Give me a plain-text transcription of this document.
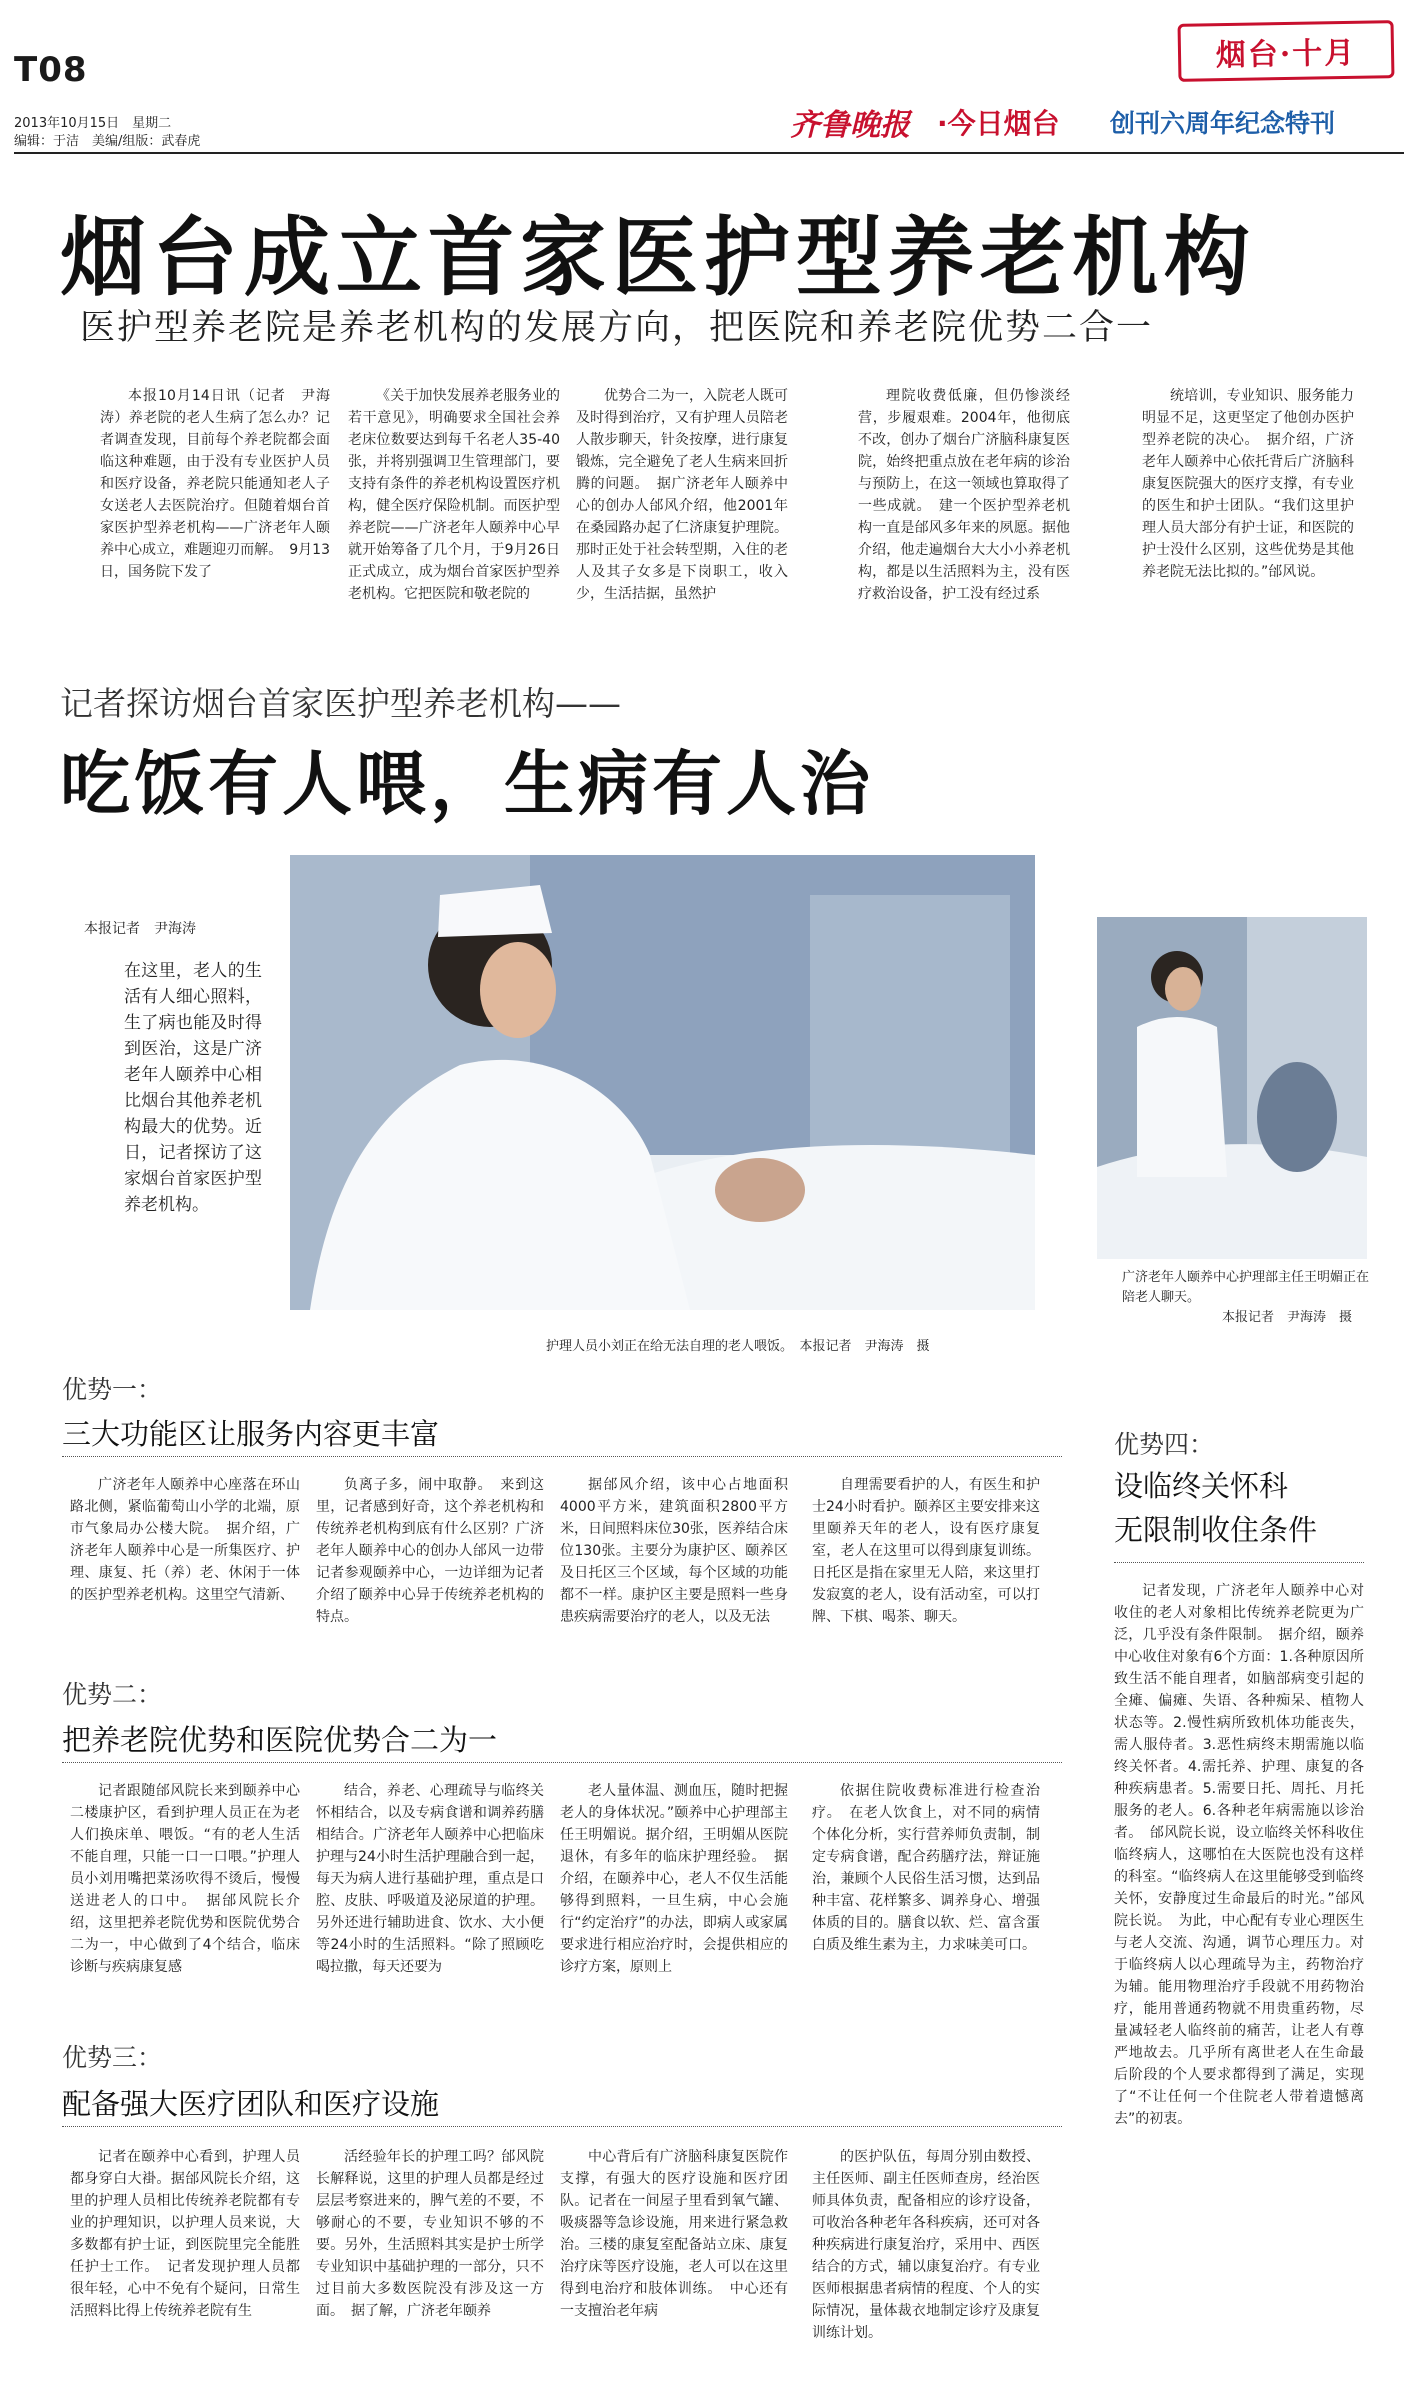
T08
2013年10月15日　星期二
编辑：于洁　美编/组版：武春虎
烟台·十月
齐鲁晚报 ·今日烟台 创刊六周年纪念特刊
烟台成立首家医护型养老机构
医护型养老院是养老机构的发展方向，把医院和养老院优势二合一

本报10月14日讯（记者　尹海涛）养老院的老人生病了怎么办？记者调查发现，目前每个养老院都会面临这种难题，由于没有专业医护人员和医疗设备，养老院只能通知老人子女送老人去医院治疗。但随着烟台首家医护型养老机构——广济老年人颐养中心成立，难题迎刃而解。　9月13日，国务院下发了

《关于加快发展养老服务业的若干意见》，明确要求全国社会养老床位数要达到每千名老人35-40张，并将别强调卫生管理部门，要支持有条件的养老机构设置医疗机构，健全医疗保险机制。而医护型养老院——广济老年人颐养中心早就开始筹备了几个月，于9月26日正式成立，成为烟台首家医护型养老机构。它把医院和敬老院的

优势合二为一，入院老人既可及时得到治疗，又有护理人员陪老人散步聊天，针灸按摩，进行康复锻炼，完全避免了老人生病来回折腾的问题。　据广济老年人颐养中心的创办人邰风介绍，他2001年在桑园路办起了仁济康复护理院。那时正处于社会转型期，入住的老人及其子女多是下岗职工，收入少，生活拮据，虽然护

理院收费低廉，但仍惨淡经营，步履艰难。2004年，他彻底不改，创办了烟台广济脑科康复医院，始终把重点放在老年病的诊治与预防上，在这一领域也算取得了一些成就。　建一个医护型养老机构一直是邰风多年来的夙愿。据他介绍，他走遍烟台大大小小养老机构，都是以生活照料为主，没有医疗救治设备，护工没有经过系

统培训，专业知识、服务能力明显不足，这更坚定了他创办医护型养老院的决心。　据介绍，广济老年人颐养中心依托背后广济脑科康复医院强大的医疗支撑，有专业的医生和护士团队。“我们这里护理人员大部分有护士证，和医院的护士没什么区别，这些优势是其他养老院无法比拟的。”邰风说。

记者探访烟台首家医护型养老机构——
吃饭有人喂，生病有人治
本报记者　尹海涛
在这里，老人的生活有人细心照料，生了病也能及时得到医治，这是广济老年人颐养中心相比烟台其他养老机构最大的优势。近日，记者探访了这家烟台首家医护型养老机构。
护理人员小刘正在给无法自理的老人喂饭。　本报记者　尹海涛　摄
广济老年人颐养中心护理部主任王明媚正在陪老人聊天。
本报记者　尹海涛　摄
优势一：
三大功能区让服务内容更丰富

广济老年人颐养中心座落在环山路北侧，紧临葡萄山小学的北端，原市气象局办公楼大院。　据介绍，广济老年人颐养中心是一所集医疗、护理、康复、托（养）老、休闲于一体的医护型养老机构。这里空气清新、

负离子多，闹中取静。　来到这里，记者感到好奇，这个养老机构和传统养老机构到底有什么区别？广济老年人颐养中心的创办人邰风一边带记者参观颐养中心，一边详细为记者介绍了颐养中心异于传统养老机构的特点。

据邰风介绍，该中心占地面积4000平方米，建筑面积2800平方米，日间照料床位30张，医养结合床位130张。主要分为康护区、颐养区及日托区三个区域，每个区域的功能都不一样。康护区主要是照料一些身患疾病需要治疗的老人，以及无法

自理需要看护的人，有医生和护士24小时看护。颐养区主要安排来这里颐养天年的老人，设有医疗康复室，老人在这里可以得到康复训练。日托区是指在家里无人陪，来这里打发寂寞的老人，设有活动室，可以打牌、下棋、喝茶、聊天。

优势二：
把养老院优势和医院优势合二为一

记者跟随邰风院长来到颐养中心二楼康护区，看到护理人员正在为老人们换床单、喂饭。“有的老人生活不能自理，只能一口一口喂。”护理人员小刘用嘴把菜汤吹得不烫后，慢慢送进老人的口中。　据邰风院长介绍，这里把养老院优势和医院优势合二为一，中心做到了4个结合，临床诊断与疾病康复感

结合，养老、心理疏导与临终关怀相结合，以及专病食谱和调养药膳相结合。广济老年人颐养中心把临床护理与24小时生活护理融合到一起，每天为病人进行基础护理，重点是口腔、皮肤、呼吸道及泌尿道的护理。另外还进行辅助进食、饮水、大小便等24小时的生活照料。“除了照顾吃喝拉撒，每天还要为

老人量体温、测血压，随时把握老人的身体状况。”颐养中心护理部主任王明媚说。据介绍，王明媚从医院退休，有多年的临床护理经验。　据介绍，在颐养中心，老人不仅生活能够得到照料，一旦生病，中心会施行“约定治疗”的办法，即病人或家属要求进行相应治疗时，会提供相应的诊疗方案，原则上

依据住院收费标准进行检查治疗。　在老人饮食上，对不同的病情个体化分析，实行营养师负责制，制定专病食谱，配合药膳疗法，辩证施治，兼顾个人民俗生活习惯，达到品种丰富、花样繁多、调养身心、增强体质的目的。膳食以软、烂、富含蛋白质及维生素为主，力求味美可口。

优势三：
配备强大医疗团队和医疗设施

记者在颐养中心看到，护理人员都身穿白大褂。据邰风院长介绍，这里的护理人员相比传统养老院都有专业的护理知识，以护理人员来说，大多数都有护士证，到医院里完全能胜任护士工作。　记者发现护理人员都很年轻，心中不免有个疑问，日常生活照料比得上传统养老院有生

活经验年长的护理工吗？邰风院长解释说，这里的护理人员都是经过层层考察进来的，脾气差的不要，不够耐心的不要，专业知识不够的不要。另外，生活照料其实是护士所学专业知识中基础护理的一部分，只不过目前大多数医院没有涉及这一方面。　据了解，广济老年颐养

中心背后有广济脑科康复医院作支撑，有强大的医疗设施和医疗团队。记者在一间屋子里看到氧气罐、吸痰器等急诊设施，用来进行紧急救治。三楼的康复室配备站立床、康复治疗床等医疗设施，老人可以在这里得到电治疗和肢体训练。　中心还有一支擅治老年病

的医护队伍，每周分别由数授、主任医师、副主任医师查房，经治医师具体负责，配备相应的诊疗设备，可收治各种老年各科疾病，还可对各种疾病进行康复治疗，采用中、西医结合的方式，辅以康复治疗。有专业医师根据患者病情的程度、个人的实际情况，量体裁衣地制定诊疗及康复训练计划。

优势四：
设临终关怀科
无限制收住条件

记者发现，广济老年人颐养中心对收住的老人对象相比传统养老院更为广泛，几乎没有条件限制。　据介绍，颐养中心收住对象有6个方面：1.各种原因所致生活不能自理者，如脑部病变引起的全瘫、偏瘫、失语、各种痴呆、植物人状态等。2.慢性病所致机体功能丧失，需人服侍者。3.恶性病终末期需施以临终关怀者。4.需托养、护理、康复的各种疾病患者。5.需要日托、周托、月托服务的老人。6.各种老年病需施以诊治者。　邰风院长说，设立临终关怀科收住临终病人，这哪怕在大医院也没有这样的科室。“临终病人在这里能够受到临终关怀，安静度过生命最后的时光。”邰风院长说。　为此，中心配有专业心理医生与老人交流、沟通，调节心理压力。对于临终病人以心理疏导为主，药物治疗为辅。能用物理治疗手段就不用药物治疗，能用普通药物就不用贵重药物，尽量减轻老人临终前的痛苦，让老人有尊严地故去。几乎所有离世老人在生命最后阶段的个人要求都得到了满足，实现了“不让任何一个住院老人带着遗憾离去”的初衷。
